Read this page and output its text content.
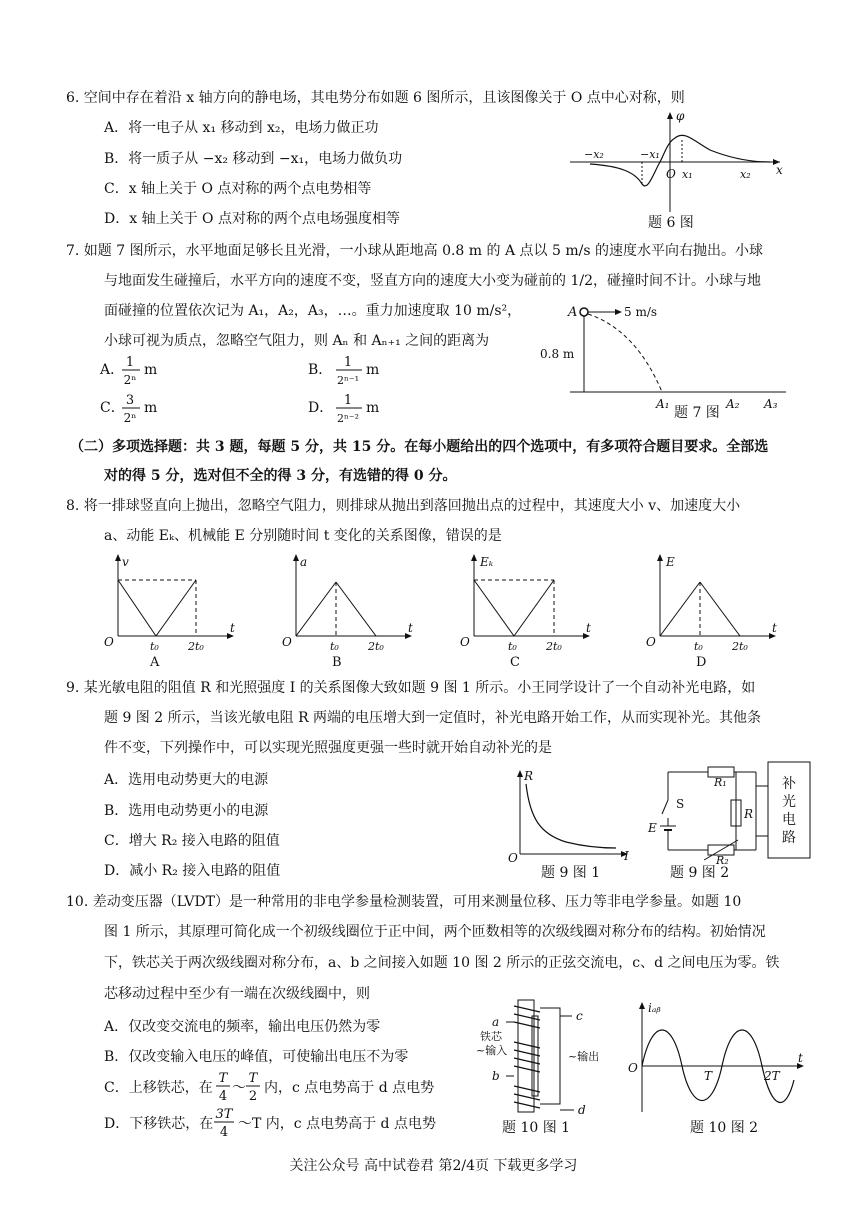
6. 空间中存在着沿 x 轴方向的静电场，其电势分布如题 6 图所示，且该图像关于 O 点中心对称，则
A．将一电子从 x₁ 移动到 x₂，电场力做正功
B．将一质子从 −x₂ 移动到 −x₁，电场力做负功
C．x 轴上关于 O 点对称的两个点电势相等
D．x 轴上关于 O 点对称的两个点电场强度相等
φ
x
O x₁	x₂
−x₁
−x₂
题 6 图
7. 如题 7 图所示，水平地面足够长且光滑，一小球从距地高 0.8 m 的 A 点以 5 m/s 的速度水平向右抛出。小球
与地面发生碰撞后，水平方向的速度不变，竖直方向的速度大小变为碰前的 1/2，碰撞时间不计。小球与地
面碰撞的位置依次记为 A₁，A₂，A₃，…。重力加速度取 10 m/s²，
小球可视为质点，忽略空气阻力，则 Aₙ 和 Aₙ₊₁ 之间的距离为
A． 1
2ⁿ
m	B． 1
2ⁿ⁻¹
m
C． 3
2ⁿ
m	D． 1
2ⁿ⁻²
m
A	5 m/s
0.8 m
A₁	A₂ A₃
题 7 图
（二）多项选择题：共 3 题，每题 5 分，共 15 分。在每小题给出的四个选项中，有多项符合题目要求。全部选
对的得 5 分，选对但不全的得 3 分，有选错的得 0 分。
8. 将一排球竖直向上抛出，忽略空气阻力，则排球从抛出到落回抛出点的过程中，其速度大小 v、加速度大小
a、动能 Eₖ、机械能 E 分别随时间 t 变化的关系图像，错误的是
v
O	t₀	2t₀
t
A
a
O	t₀	2t₀
t
B
Eₖ
O	t₀	2t₀
t
C
E
O	t₀	2t₀
t
D
9. 某光敏电阻的阻值 R 和光照强度 I 的关系图像大致如题 9 图 1 所示。小王同学设计了一个自动补光电路，如
题 9 图 2 所示，当该光敏电阻 R 两端的电压增大到一定值时，补光电路开始工作，从而实现补光。其他条
件不变，下列操作中，可以实现光照强度更强一些时就开始自动补光的是
A．选用电动势更大的电源
B．选用电动势更小的电源
C．增大 R₂ 接入电路的阻值
D．减小 R₂ 接入电路的阻值
R
I
O
题 9 图 1
补
光
电
路
R₁
R₂
R
S
E
题 9 图 2
10. 差动变压器（LVDT）是一种常用的非电学参量检测装置，可用来测量位移、压力等非电学参量。如题 10
图 1 所示，其原理可简化成一个初级线圈位于正中间，两个匝数相等的次级线圈对称分布的结构。初始情况
下，铁芯关于两次级线圈对称分布，a、b 之间接入如题 10 图 2 所示的正弦交流电，c、d 之间电压为零。铁
芯移动过程中至少有一端在次级线圈中，则
A．仅改变交流电的频率，输出电压仍然为零
B．仅改变输入电压的峰值，可使输出电压不为零
C．上移铁芯，在
T
4
～
T
2
内，c 点电势高于 d 点电势
D．下移铁芯，在
3T
4
～T 内，c 点电势高于 d 点电势
a
b
c
d
铁芯
~输入	~输出
题 10 图 1
iₐᵦ
t
O
T	2T
题 10 图 2
关注公众号 高中试卷君 第2/4页 下载更多学习
